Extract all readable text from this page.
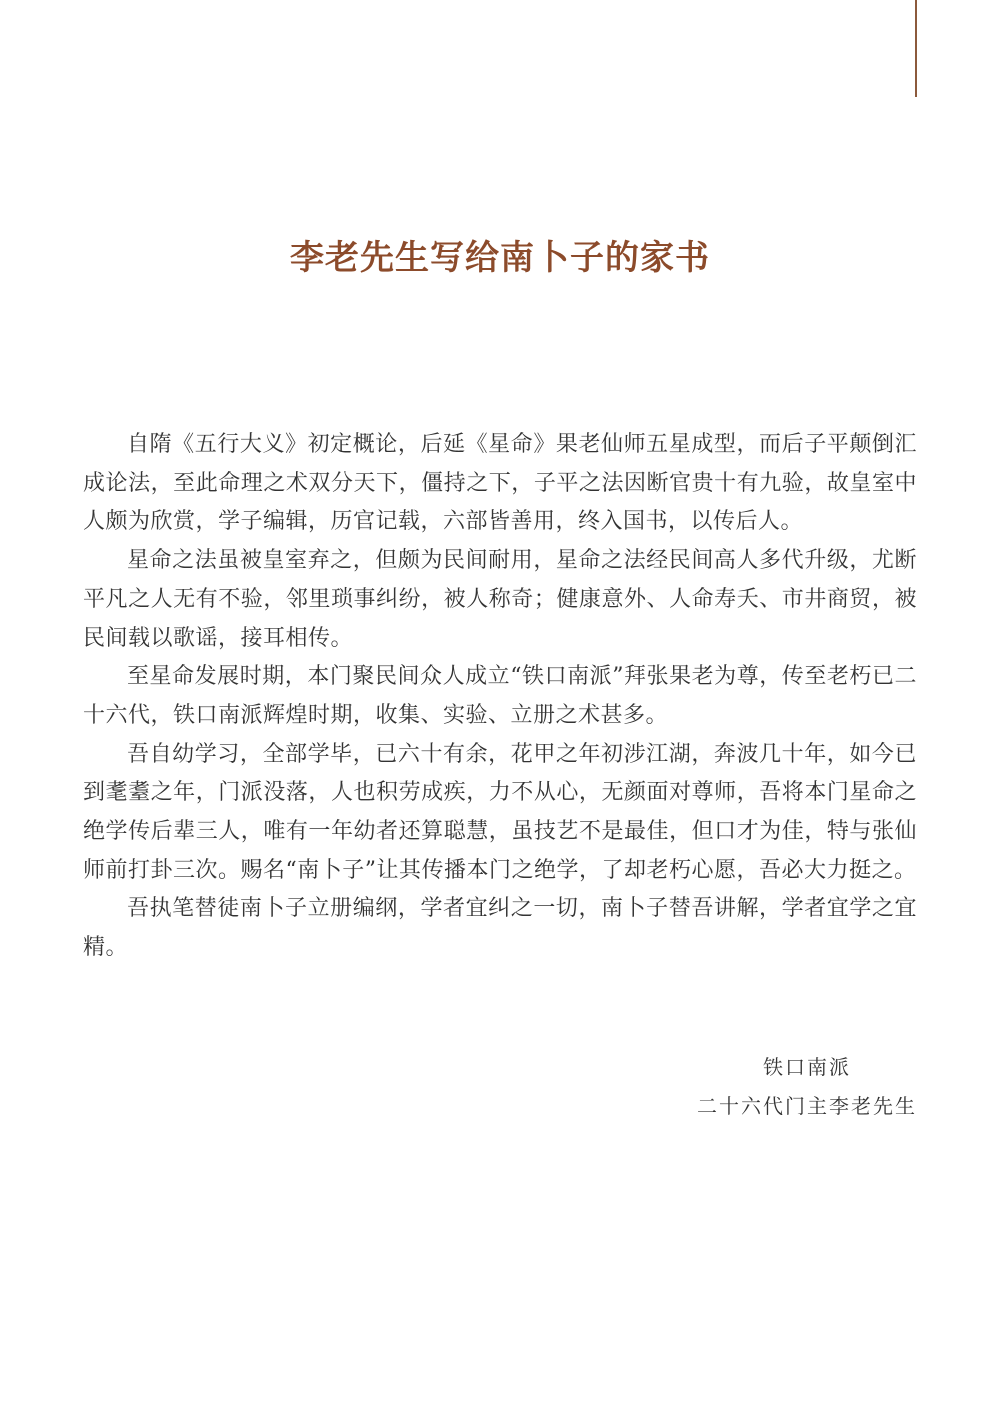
李老先生写给南卜子的家书

自隋《五行大义》初定概论，后延《星命》果老仙师五星成型，而后子平颠倒汇成论法，至此命理之术双分天下，僵持之下，子平之法因断官贵十有九验，故皇室中人颇为欣赏，学子编辑，历官记载，六部皆善用，终入国书，以传后人。

星命之法虽被皇室弃之，但颇为民间耐用，星命之法经民间高人多代升级，尤断平凡之人无有不验，邻里琐事纠纷，被人称奇；健康意外、人命寿夭、市井商贸，被民间载以歌谣，接耳相传。

至星命发展时期，本门聚民间众人成立“铁口南派”拜张果老为尊，传至老朽已二十六代，铁口南派辉煌时期，收集、实验、立册之术甚多。

吾自幼学习，全部学毕，已六十有余，花甲之年初涉江湖，奔波几十年，如今已到耄耋之年，门派没落，人也积劳成疾，力不从心，无颜面对尊师，吾将本门星命之绝学传后辈三人，唯有一年幼者还算聪慧，虽技艺不是最佳，但口才为佳，特与张仙师前打卦三次。赐名“南卜子”让其传播本门之绝学，了却老朽心愿，吾必大力挺之。

吾执笔替徒南卜子立册编纲，学者宜纠之一切，南卜子替吾讲解，学者宜学之宜精。

铁口南派
二十六代门主李老先生
